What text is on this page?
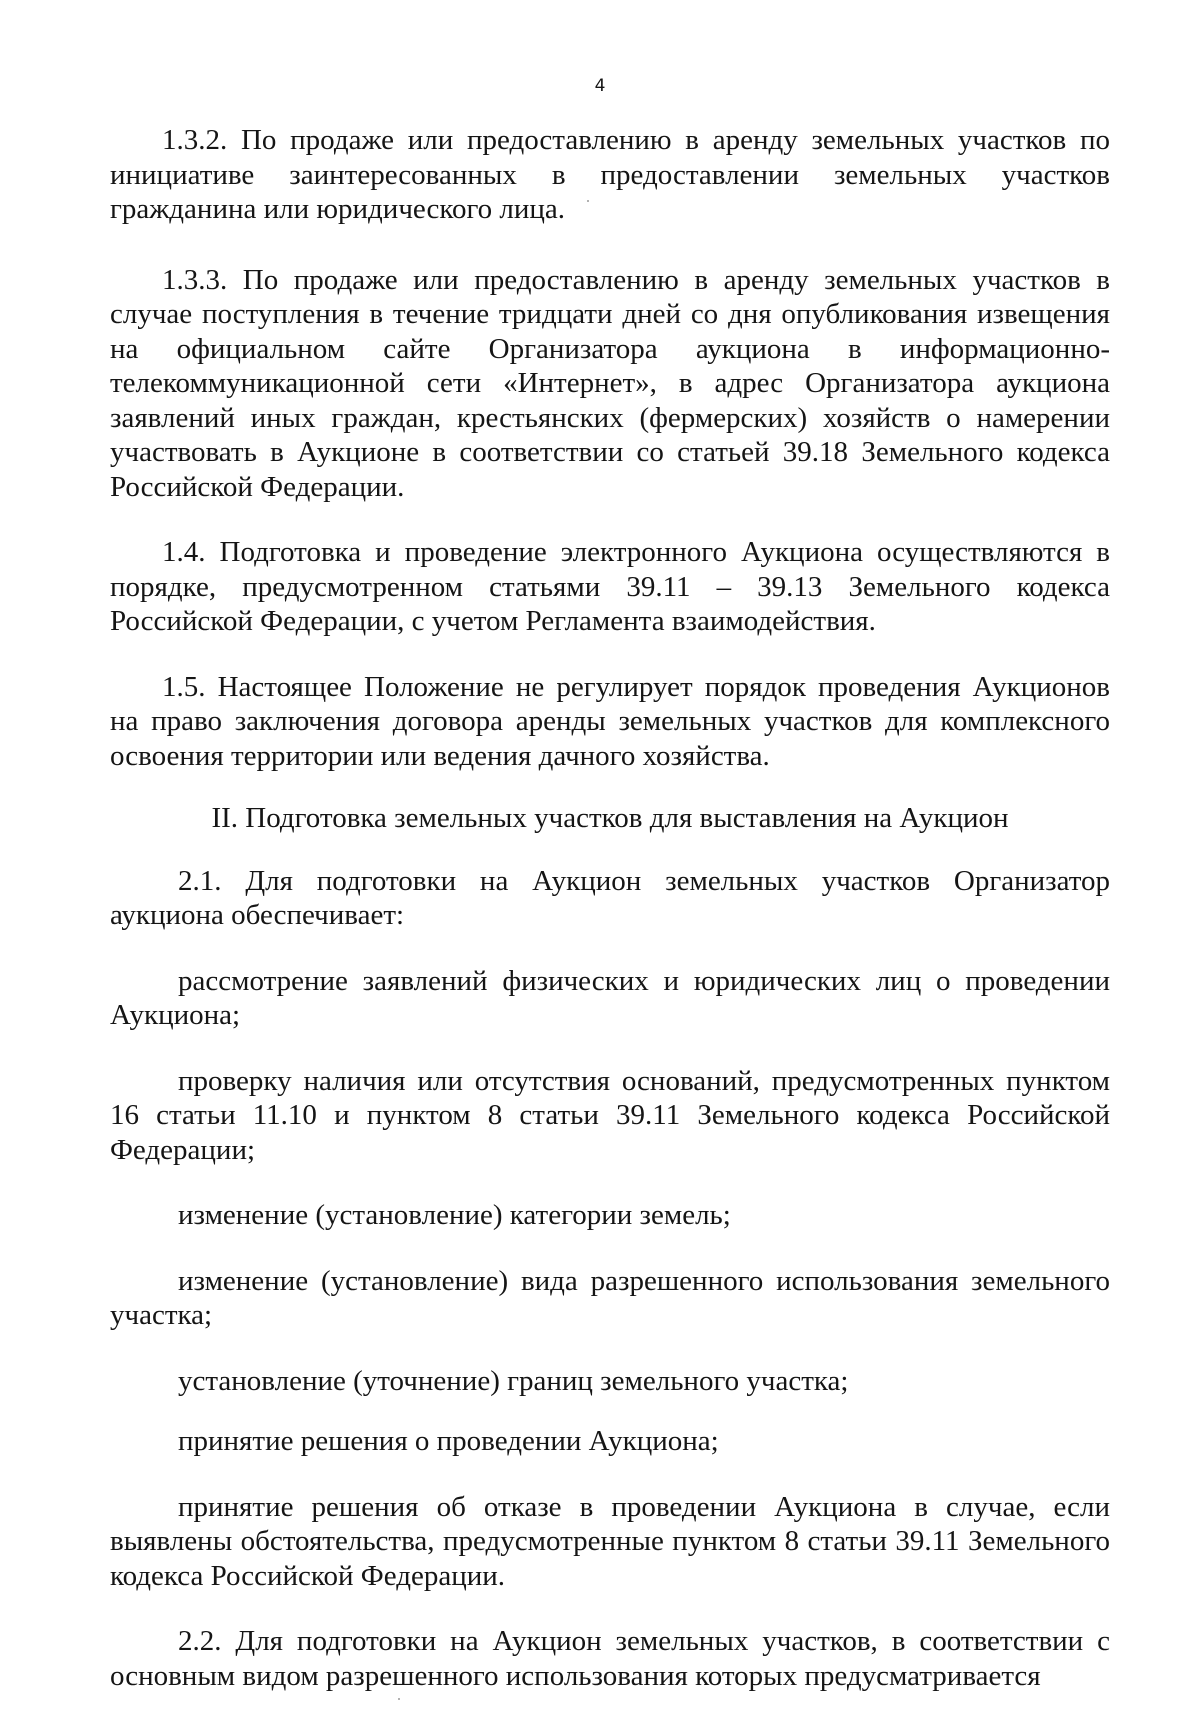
4

1.3.2. По продаже или предоставлению в аренду земельных участков по инициативе заинтересованных в предоставлении земельных участков гражданина или юридического лица.

1.3.3. По продаже или предоставлению в аренду земельных участков в случае поступления в течение тридцати дней со дня опубликования извещения на официальном сайте Организатора аукциона в информационно-телекоммуникационной сети «Интернет», в адрес Организатора аукциона заявлений иных граждан, крестьянских (фермерских) хозяйств о намерении участвовать в Аукционе в соответствии со статьей 39.18 Земельного кодекса Российской Федерации.

1.4. Подготовка и проведение электронного Аукциона осуществляются в порядке, предусмотренном статьями 39.11 – 39.13 Земельного кодекса Российской Федерации, с учетом Регламента взаимодействия.

1.5. Настоящее Положение не регулирует порядок проведения Аукционов на право заключения договора аренды земельных участков для комплексного освоения территории или ведения дачного хозяйства.

II. Подготовка земельных участков для выставления на Аукцион

2.1. Для подготовки на Аукцион земельных участков Организатор аукциона обеспечивает:

рассмотрение заявлений физических и юридических лиц о проведении Аукциона;

проверку наличия или отсутствия оснований, предусмотренных пунктом 16 статьи 11.10 и пунктом 8 статьи 39.11 Земельного кодекса Российской Федерации;

изменение (установление) категории земель;

изменение (установление) вида разрешенного использования земельного участка;

установление (уточнение) границ земельного участка;

принятие решения о проведении Аукциона;

принятие решения об отказе в проведении Аукциона в случае, если выявлены обстоятельства, предусмотренные пунктом 8 статьи 39.11 Земельного кодекса Российской Федерации.

2.2. Для подготовки на Аукцион земельных участков, в соответствии с основным видом разрешенного использования которых предусматривается
